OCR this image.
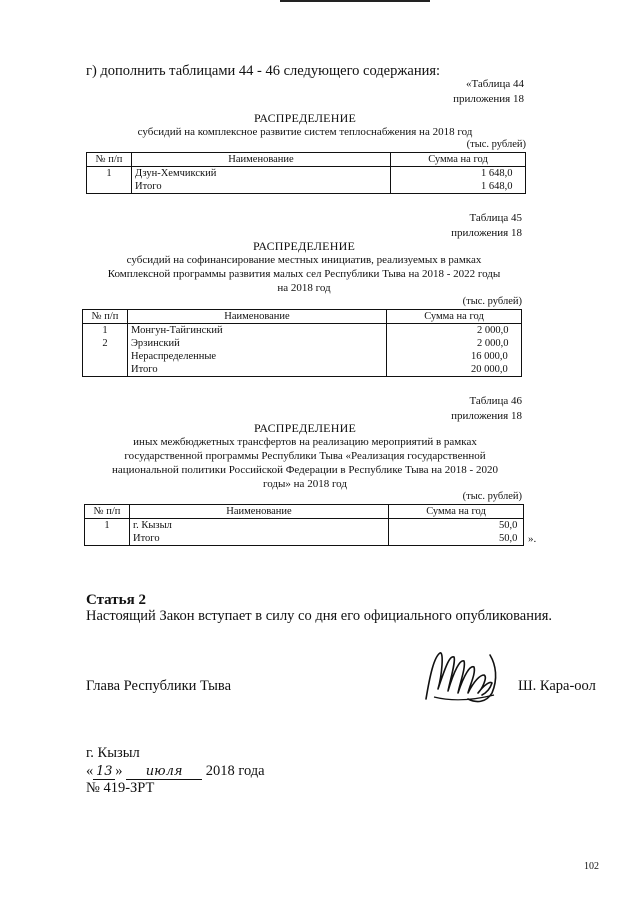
г) дополнить таблицами 44 - 46 следующего содержания:
«Таблица 44
приложения 18
РАСПРЕДЕЛЕНИЕ
субсидий на комплексное развитие систем теплоснабжения на 2018 год
(тыс. рублей)
№ п/п	Наименование	Сумма на год
1	Дзун-Хемчикский	1 648,0
	Итого	1 648,0
Таблица 45
приложения 18
РАСПРЕДЕЛЕНИЕ
субсидий на софинансирование местных инициатив, реализуемых в рамках
Комплексной программы развития малых сел Республики Тыва на 2018 - 2022 годы
на 2018 год
(тыс. рублей)
№ п/п	Наименование	Сумма на год
1	Монгун-Тайгинский	2 000,0
2	Эрзинский	2 000,0
	Нераспределенные	16 000,0
	Итого	20 000,0
Таблица 46
приложения 18
РАСПРЕДЕЛЕНИЕ
иных межбюджетных трансфертов на реализацию мероприятий в рамках
государственной программы Республики Тыва «Реализация государственной
национальной политики Российской Федерации в Республике Тыва на 2018 - 2020
годы» на 2018 год
(тыс. рублей)
№ п/п	Наименование	Сумма на год
1	г. Кызыл	50,0
	Итого	50,0 ».
Статья 2
Настоящий Закон вступает в силу со дня его официального опубликования.
Глава Республики Тыва	Ш. Кара-оол
г. Кызыл
« 13 » июля 2018 года
№ 419-ЗРТ
102
